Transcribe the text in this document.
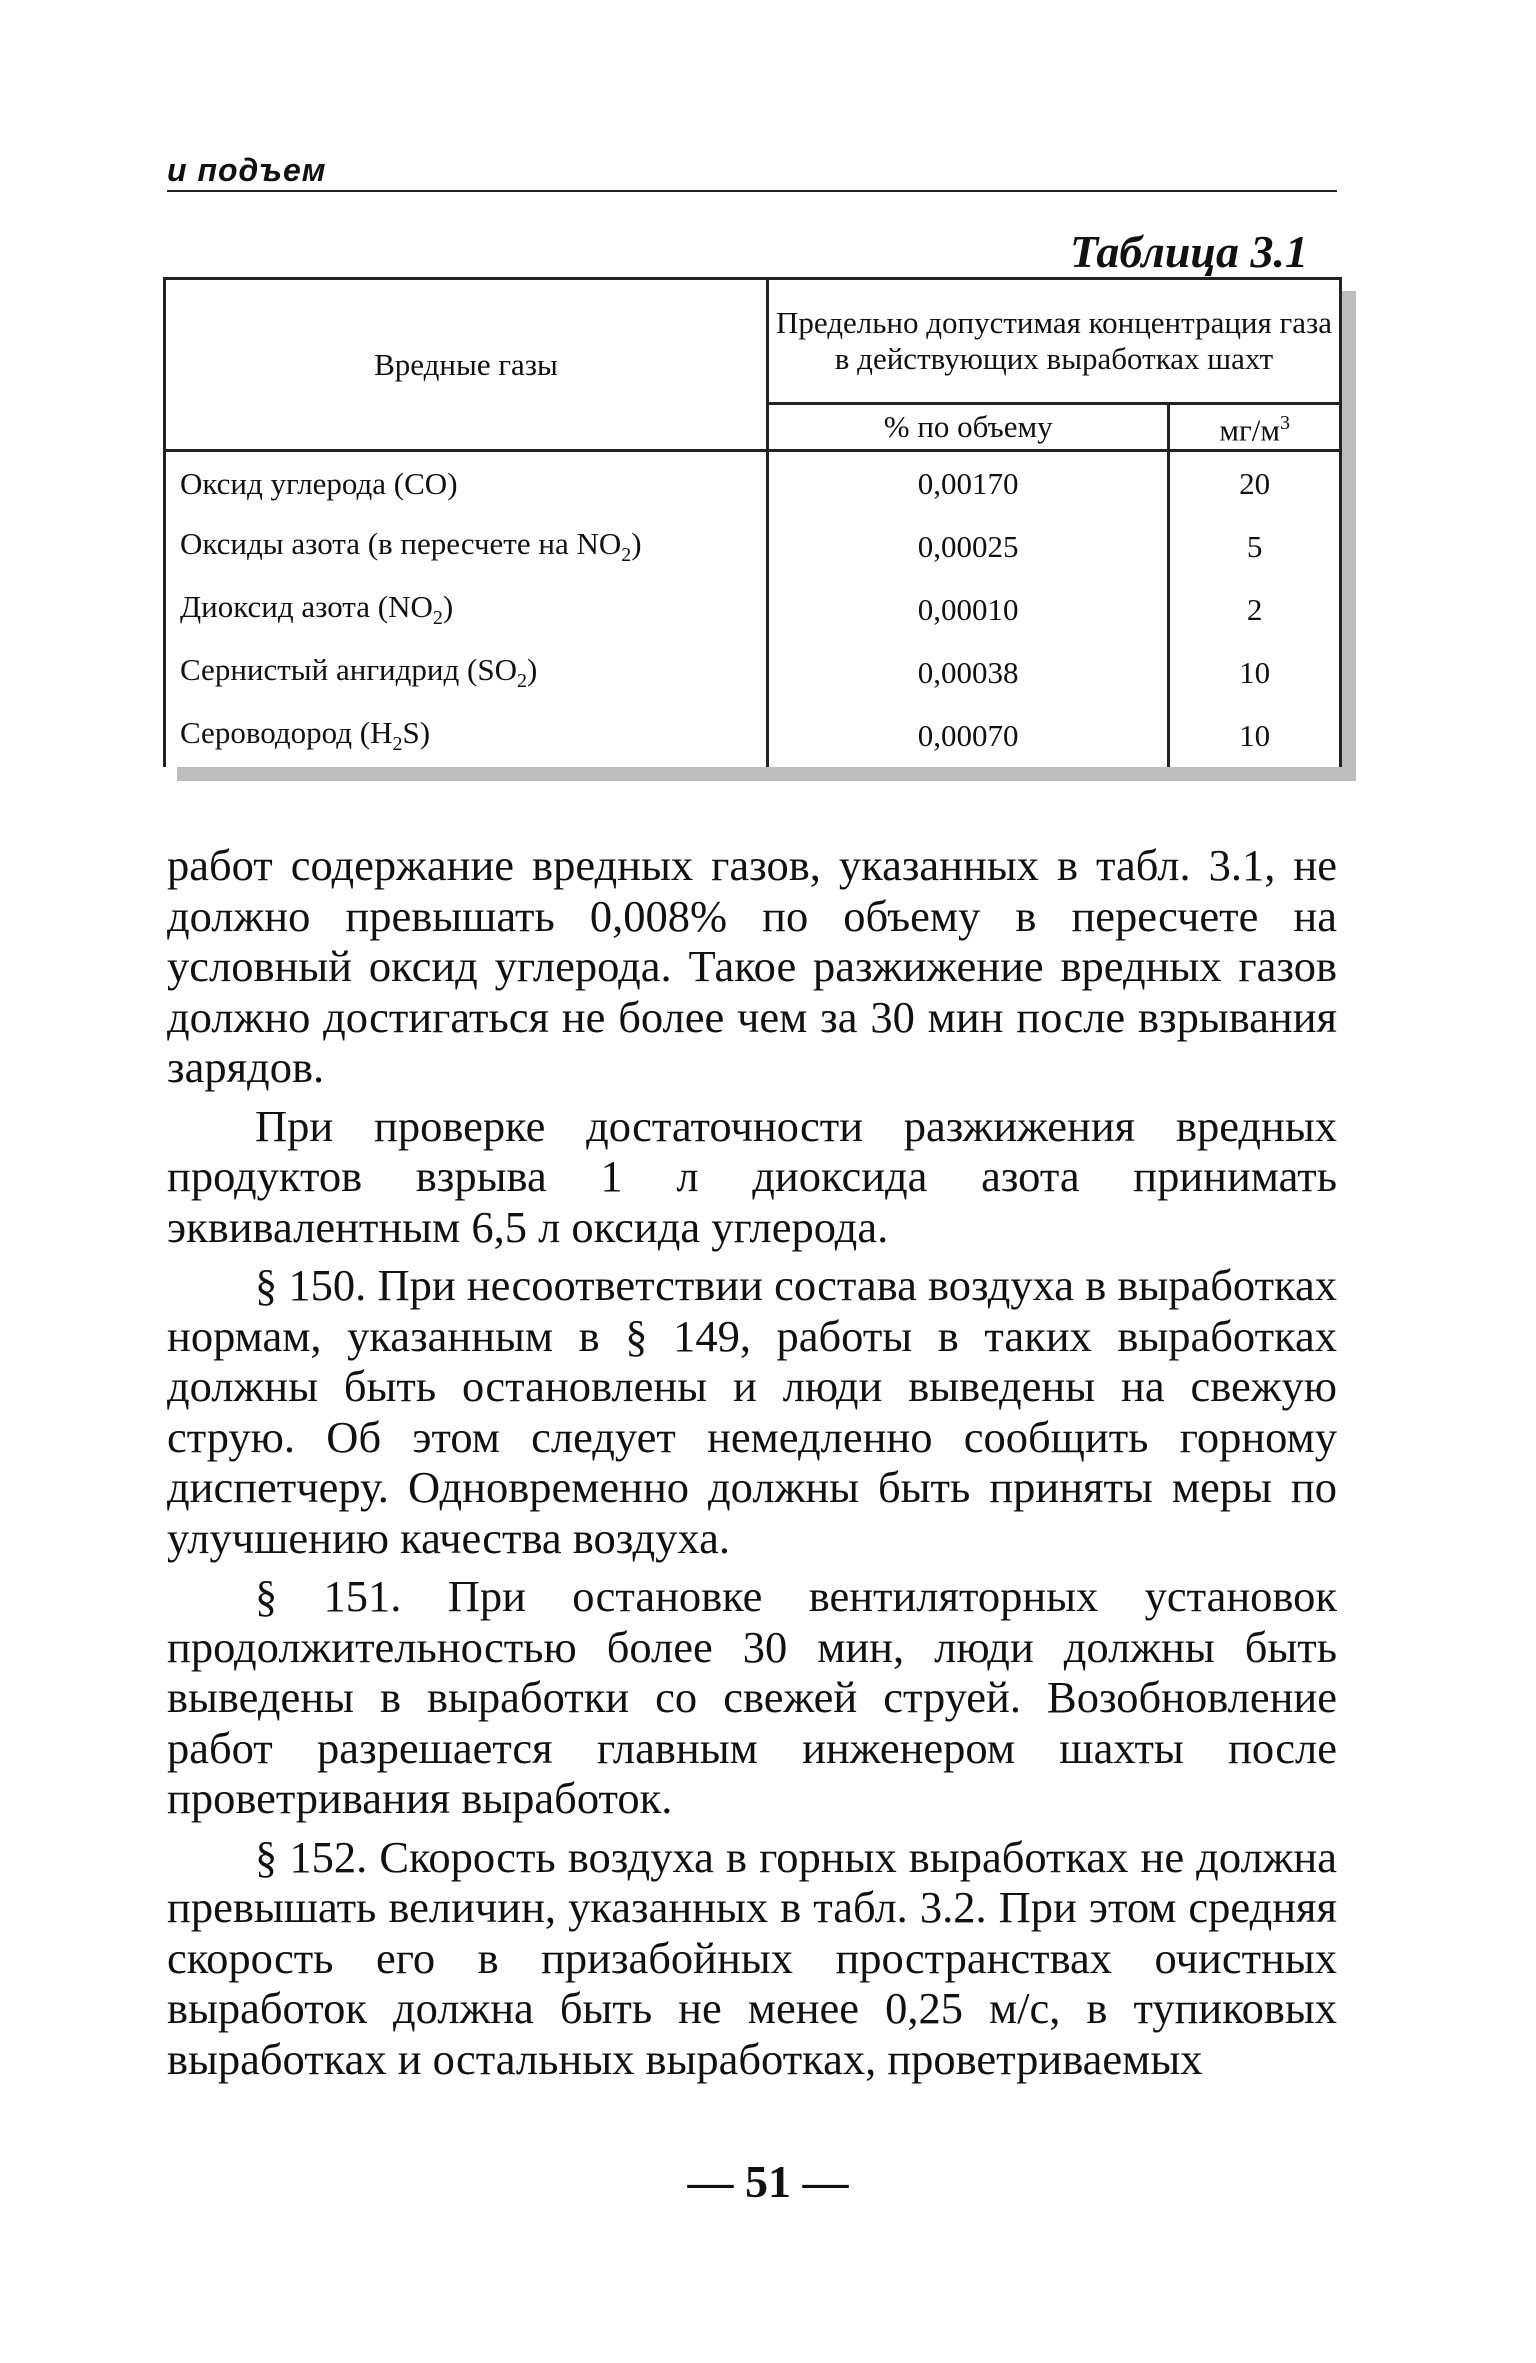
и подъем
Таблица 3.1
Вредные газы	Предельно допустимая концентрация газа в действующих выработках шахт	
	% по объему	$мг/м^3$
Оксид углерода (CO)	0,00170	20
Оксиды азота (в пересчете на $NO_2$)	0,00025	5
Диоксид азота $(NO_2)$	0,00010	2
Сернистый ангидрид $(SO_2)$	0,00038	10
Сероводород $(H_2S)$	0,00070	10

работ содержание вредных газов, указанных в табл. 3.1, не должно превышать 0,008% по объему в пересчете на условный оксид углерода. Такое разжижение вредных газов должно достигаться не более чем за 30 мин после взрывания зарядов.

При проверке достаточности разжижения вредных продуктов взрыва 1 л диоксида азота принимать эквивалентным 6,5 л оксида углерода.

§ 150. При несоответствии состава воздуха в выработках нормам, указанным в § 149, работы в таких выработках должны быть остановлены и люди выведены на свежую струю. Об этом следует немедленно сообщить горному диспетчеру. Одновременно должны быть приняты меры по улучшению качества воздуха.

§ 151. При остановке вентиляторных установок продолжительностью более 30 мин, люди должны быть выведены в выработки со свежей струей. Возобновление работ разрешается главным инженером шахты после проветривания выработок.

§ 152. Скорость воздуха в горных выработках не должна превышать величин, указанных в табл. 3.2. При этом средняя скорость его в призабойных пространствах очистных выработок должна быть не менее 0,25 м/с, в тупиковых выработках и остальных выработках, проветриваемых

— 51 —
